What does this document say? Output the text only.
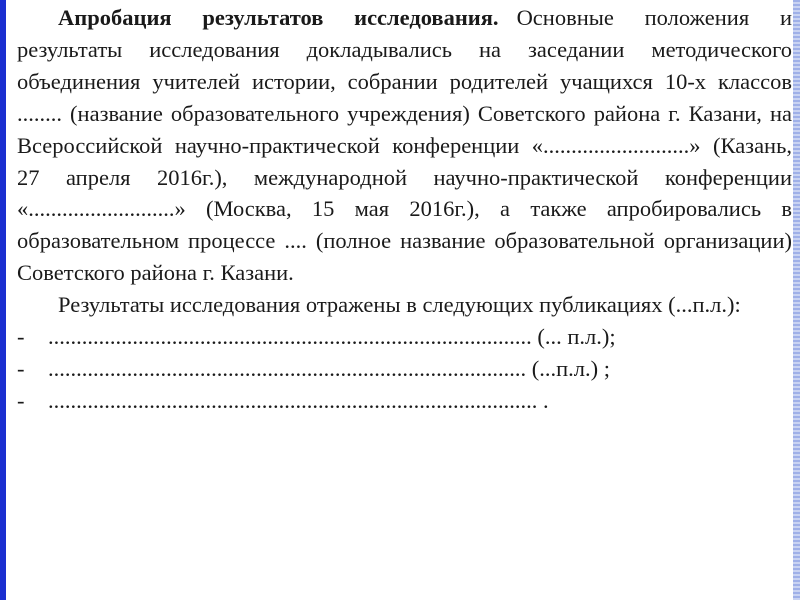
Апробация результатов исследования. Основные положения и результаты исследования докладывались на заседании методического объединения учителей истории, собрании родителей учащихся 10-х классов ........ (название образовательного учреждения) Советского района г. Казани, на Всероссийской научно-практической конференции «..........................» (Казань, 27 апреля 2016г.), международной научно-практической конференции «..........................» (Москва, 15 мая 2016г.), а также апробировались в образовательном процессе .... (полное название образовательной организации) Советского района г. Казани.

Результаты исследования отражены в следующих публикациях (...п.л.):

- ...................................................................................... (... п.л.);
- ..................................................................................... (...п.л.) ;
- ....................................................................................... .
